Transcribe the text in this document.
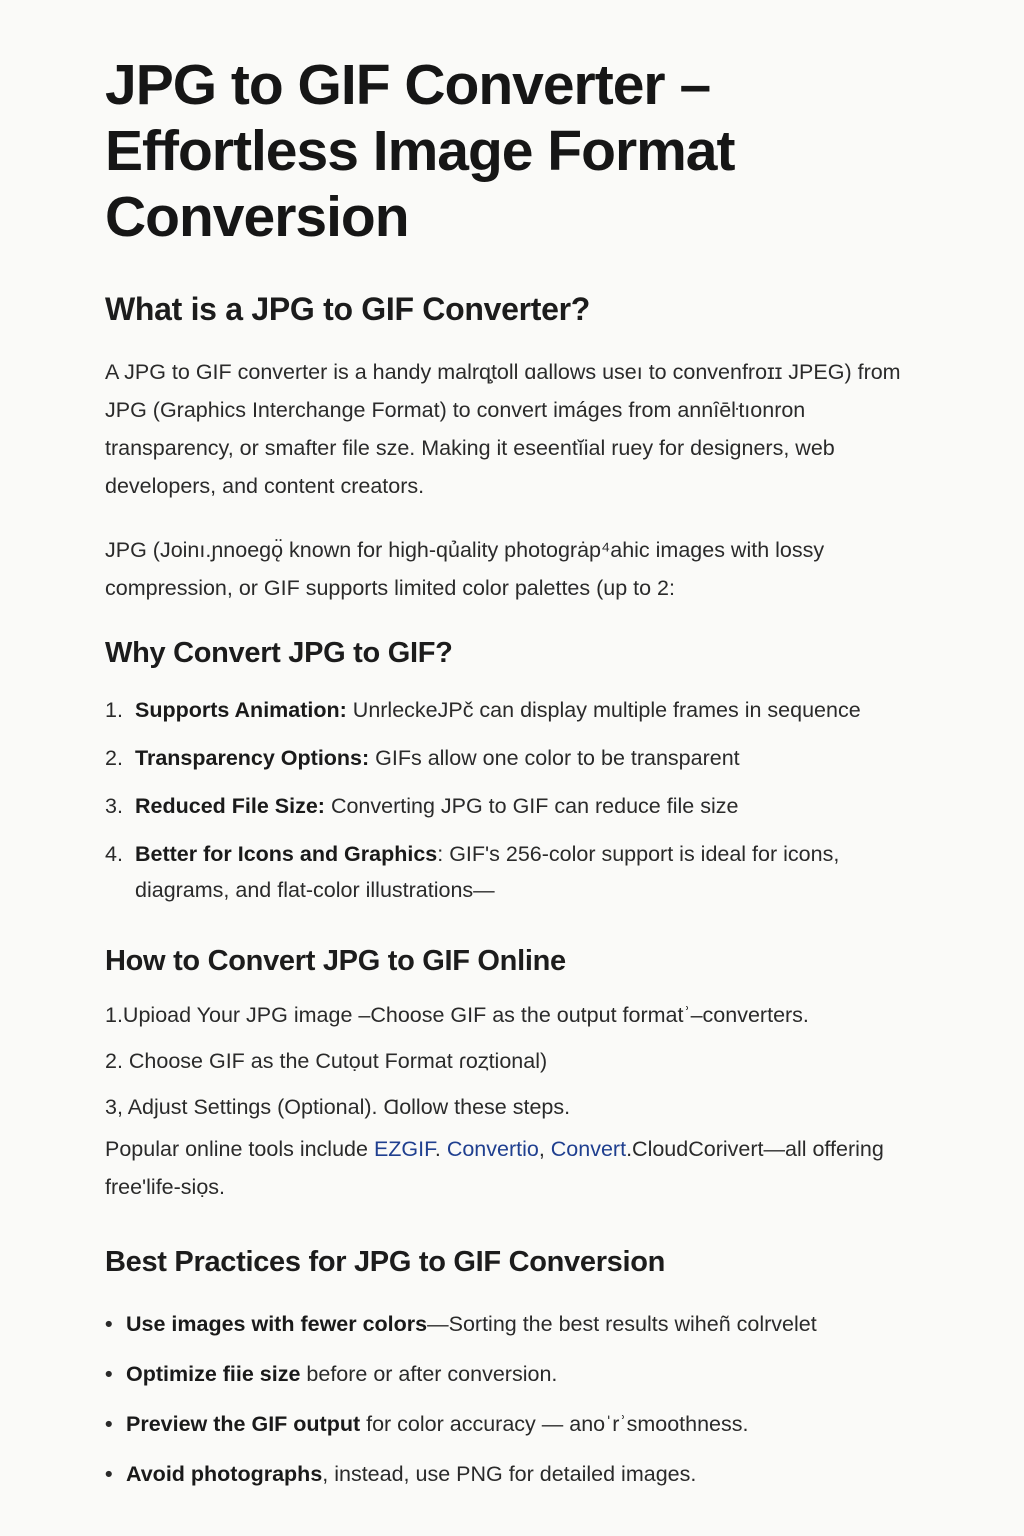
JPG to GIF Converter – Effortless Image Format Conversion
What is a JPG to GIF Converter?

A JPG to GIF converter is a handy malrq̧toll ɑallows useı to convenfroɪɪ JPEG) from JPG (Graphics Interchange Format) to convert imáges from annȋēŀtıonron transparency, or smafter file sze. Making it eseentĭial ruey for designers, web developers, and content creators.

JPG (Joinı.ɲnoegǫ̈ known for high-qủality photogrȧp⁴ahic images with lossy compression, or GIF supports limited color palettes (up to 2:

Why Convert JPG to GIF?
1. Supports Animation: UnrleckeJPč can display multiple frames in sequence
2. Transparency Options: GIFs allow one color to be transparent
3. Reduced File Size: Converting JPG to GIF can reduce file size
4. Better for Icons and Graphics: GIF's 256-color support is ideal for icons, diagrams, and flat-color illustrations—
How to Convert JPG to GIF Online

1.Upioad Your JPG image –Choose GIF as the output formatʾ–converters.

2. Choose GIF as the Cutọut Format ɾoȥtional)

3, Adjust Settings (Optional). Ɑollow these steps.

Popular online tools include EZGIF. Convertio, Convert.CloudCorivert—all offering free'life-siọs.

Best Practices for JPG to GIF Conversion
• Use images with fewer colors—Sorting the best results wiheñ colrvelet
• Optimize fiie size before or after conversion.
• Preview the GIF output for color accuracy — anoˈrʾsmoothness.
• Avoid photographs, instead, use PNG for detailed images.
